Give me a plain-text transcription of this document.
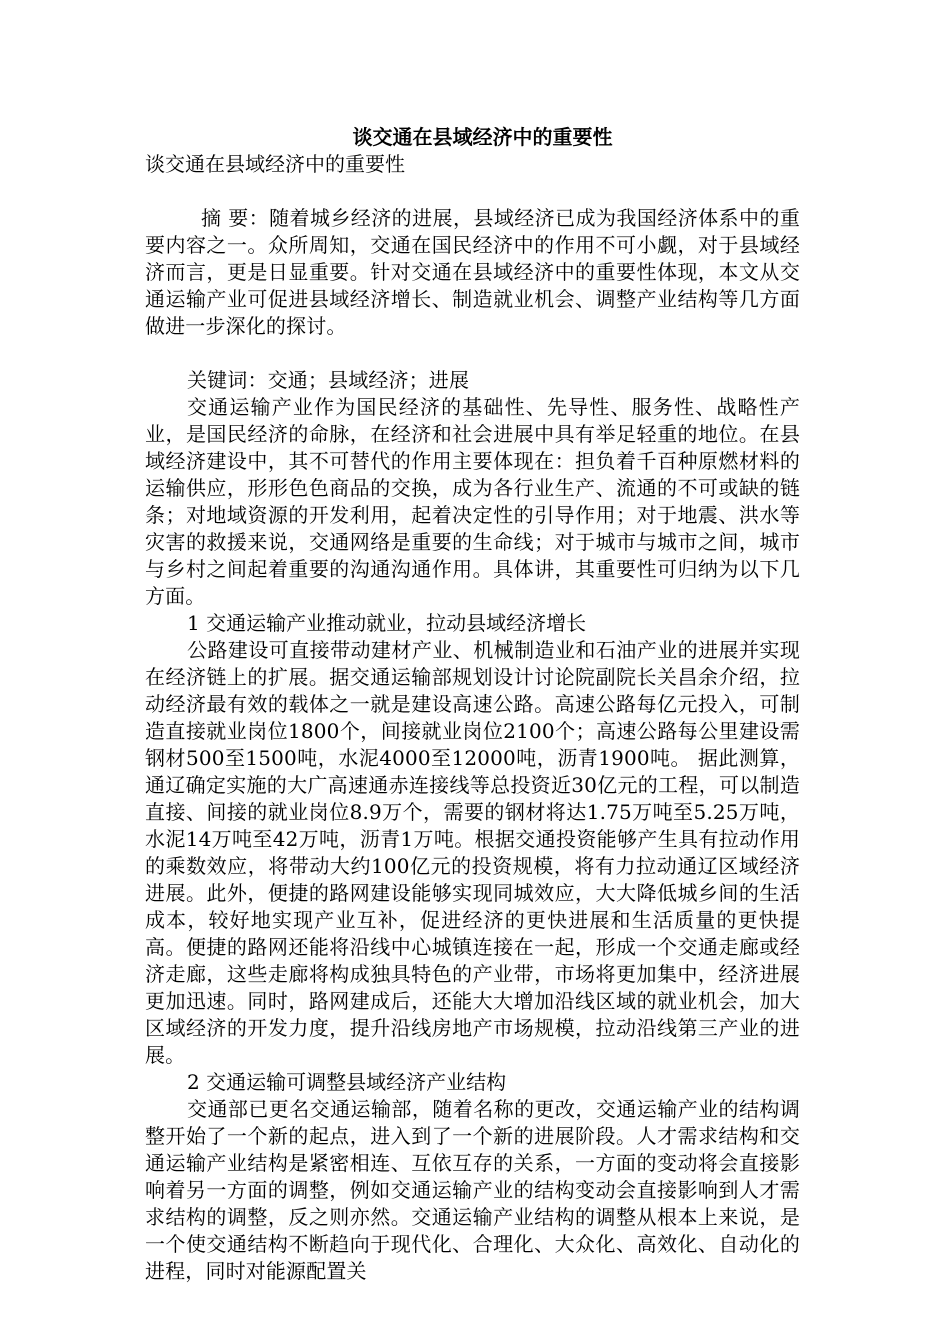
谈交通在县域经济中的重要性

谈交通在县域经济中的重要性

摘 要：随着城乡经济的进展，县域经济已成为我国经济体系中的重要内容之一。众所周知，交通在国民经济中的作用不可小觑，对于县域经济而言，更是日显重要。针对交通在县域经济中的重要性体现，本文从交通运输产业可促进县域经济增长、制造就业机会、调整产业结构等几方面做进一步深化的探讨。

关键词：交通；县域经济；进展

交通运输产业作为国民经济的基础性、先导性、服务性、战略性产业，是国民经济的命脉，在经济和社会进展中具有举足轻重的地位。在县域经济建设中，其不可替代的作用主要体现在：担负着千百种原燃材料的运输供应，形形色色商品的交换，成为各行业生产、流通的不可或缺的链条；对地域资源的开发利用，起着决定性的引导作用；对于地震、洪水等灾害的救援来说，交通网络是重要的生命线；对于城市与城市之间，城市与乡村之间起着重要的沟通沟通作用。具体讲，其重要性可归纳为以下几方面。

1 交通运输产业推动就业，拉动县域经济增长

公路建设可直接带动建材产业、机械制造业和石油产业的进展并实现在经济链上的扩展。据交通运输部规划设计讨论院副院长关昌余介绍，拉动经济最有效的载体之一就是建设高速公路。高速公路每亿元投入，可制造直接就业岗位1800个，间接就业岗位2100个；高速公路每公里建设需钢材500至1500吨，水泥4000至12000吨，沥青1900吨。 据此测算，通辽确定实施的大广高速通赤连接线等总投资近30亿元的工程，可以制造直接、间接的就业岗位8.9万个，需要的钢材将达1.75万吨至5.25万吨，水泥14万吨至42万吨，沥青1万吨。根据交通投资能够产生具有拉动作用的乘数效应，将带动大约100亿元的投资规模，将有力拉动通辽区域经济进展。此外，便捷的路网建设能够实现同城效应，大大降低城乡间的生活成本，较好地实现产业互补，促进经济的更快进展和生活质量的更快提高。便捷的路网还能将沿线中心城镇连接在一起，形成一个交通走廊或经济走廊，这些走廊将构成独具特色的产业带，市场将更加集中，经济进展更加迅速。同时，路网建成后，还能大大增加沿线区域的就业机会，加大区域经济的开发力度，提升沿线房地产市场规模，拉动沿线第三产业的进展。

2 交通运输可调整县域经济产业结构

交通部已更名交通运输部，随着名称的更改，交通运输产业的结构调整开始了一个新的起点，进入到了一个新的进展阶段。人才需求结构和交通运输产业结构是紧密相连、互依互存的关系，一方面的变动将会直接影响着另一方面的调整，例如交通运输产业的结构变动会直接影响到人才需求结构的调整，反之则亦然。交通运输产业结构的调整从根本上来说，是一个使交通结构不断趋向于现代化、合理化、大众化、高效化、自动化的进程，同时对能源配置关
